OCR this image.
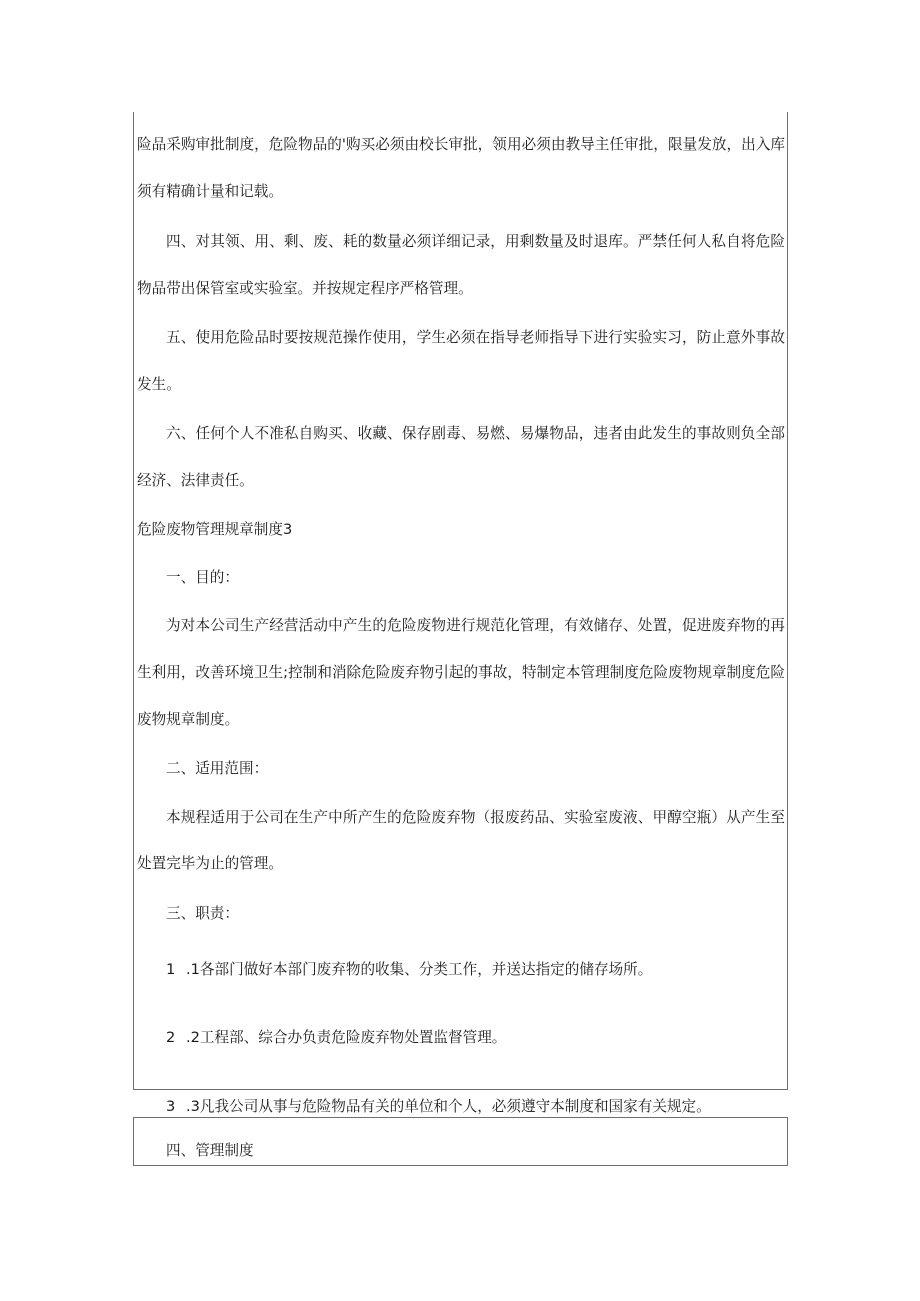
险品采购审批制度，危险物品的'购买必须由校长审批，领用必须由教导主任审批，限量发放，出入库
须有精确计量和记载。
四、对其领、用、剩、废、耗的数量必须详细记录，用剩数量及时退库。严禁任何人私自将危险
物品带出保管室或实验室。并按规定程序严格管理。
五、使用危险品时要按规范操作使用，学生必须在指导老师指导下进行实验实习，防止意外事故
发生。
六、任何个人不准私自购买、收藏、保存剧毒、易燃、易爆物品，违者由此发生的事故则负全部
经济、法律责任。
危险废物管理规章制度3
一、目的：
为对本公司生产经营活动中产生的危险废物进行规范化管理，有效储存、处置，促进废弃物的再
生利用，改善环境卫生;控制和消除危险废弃物引起的事故，特制定本管理制度危险废物规章制度危险
废物规章制度。
二、适用范围：
本规程适用于公司在生产中所产生的危险废弃物（报废药品、实验室废液、甲醇空瓶）从产生至
处置完毕为止的管理。
三、职责：
1 .1各部门做好本部门废弃物的收集、分类工作，并送达指定的储存场所。
2 .2工程部、综合办负责危险废弃物处置监督管理。
3 .3凡我公司从事与危险物品有关的单位和个人，必须遵守本制度和国家有关规定。
四、管理制度
